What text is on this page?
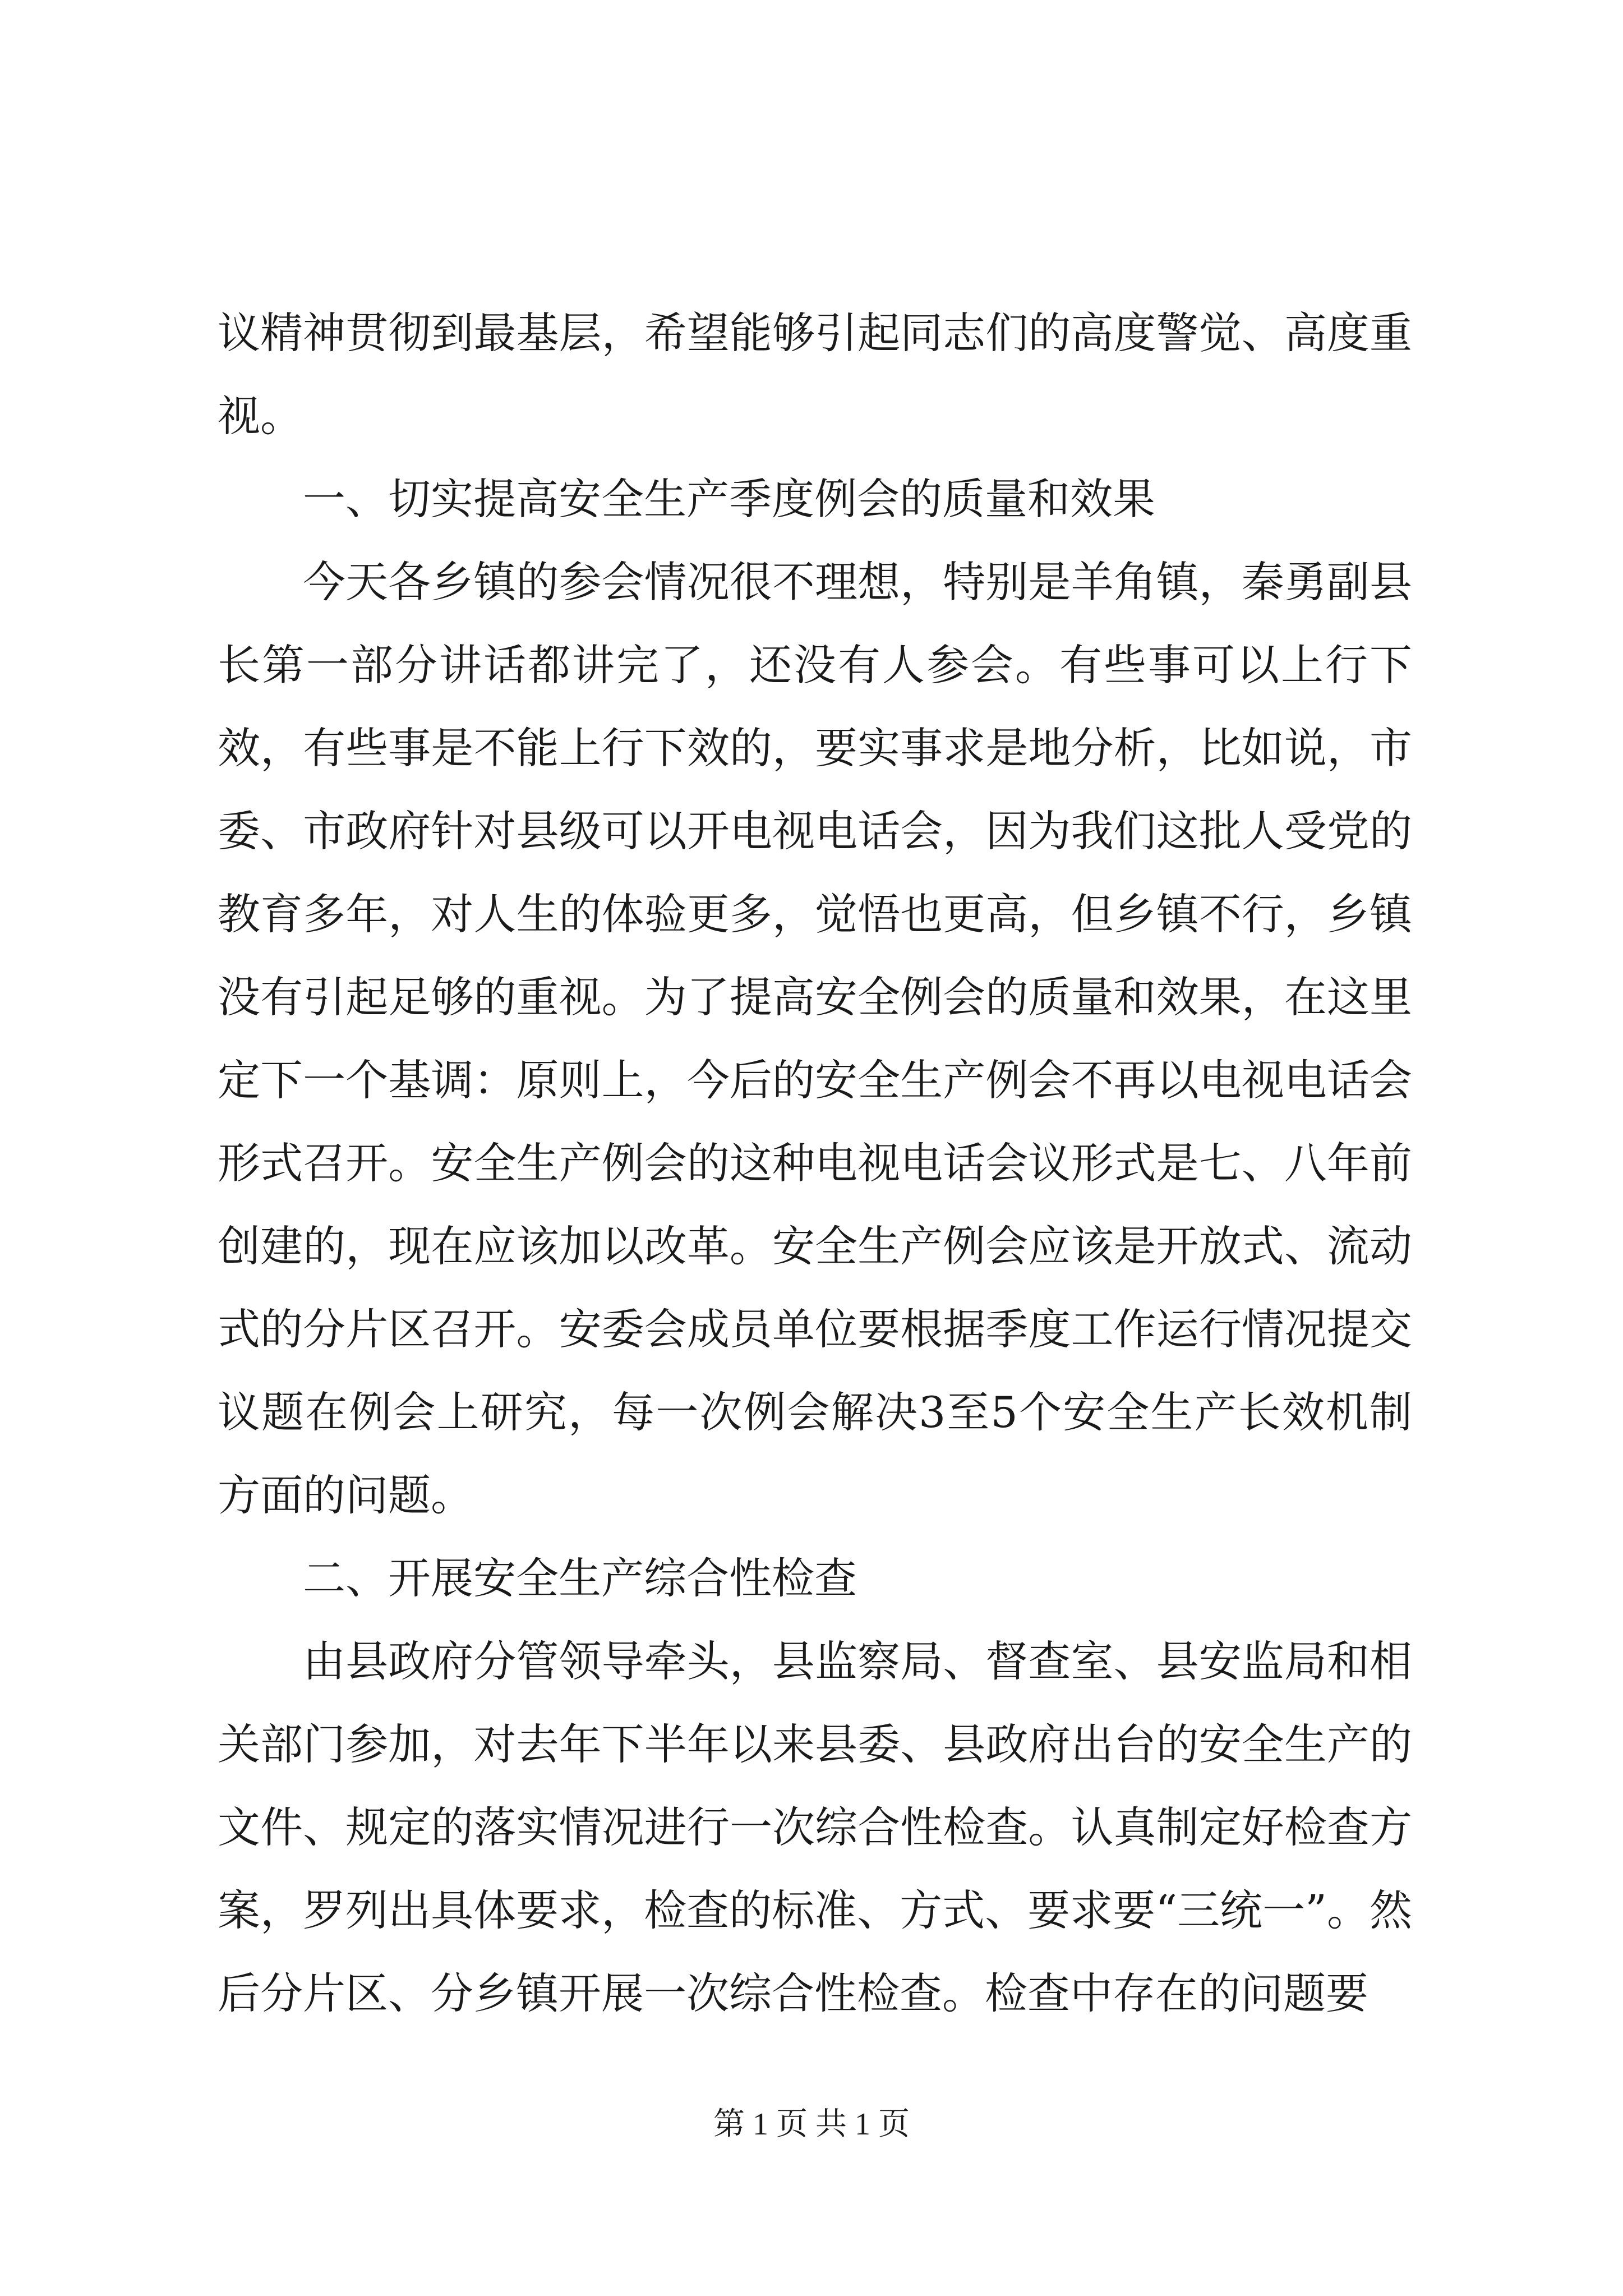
议精神贯彻到最基层，希望能够引起同志们的高度警觉、高度重视。

一、切实提高安全生产季度例会的质量和效果

今天各乡镇的参会情况很不理想，特别是羊角镇，秦勇副县长第一部分讲话都讲完了，还没有人参会。有些事可以上行下效，有些事是不能上行下效的，要实事求是地分析，比如说，市委、市政府针对县级可以开电视电话会，因为我们这批人受党的教育多年，对人生的体验更多，觉悟也更高，但乡镇不行，乡镇没有引起足够的重视。为了提高安全例会的质量和效果，在这里定下一个基调：原则上，今后的安全生产例会不再以电视电话会形式召开。安全生产例会的这种电视电话会议形式是七、八年前创建的，现在应该加以改革。安全生产例会应该是开放式、流动式的分片区召开。安委会成员单位要根据季度工作运行情况提交议题在例会上研究，每一次例会解决3至5个安全生产长效机制方面的问题。

二、开展安全生产综合性检查

由县政府分管领导牵头，县监察局、督查室、县安监局和相关部门参加，对去年下半年以来县委、县政府出台的安全生产的文件、规定的落实情况进行一次综合性检查。认真制定好检查方案，罗列出具体要求，检查的标准、方式、要求要“三统一”。然后分片区、分乡镇开展一次综合性检查。检查中存在的问题要

第 1 页 共 1 页
